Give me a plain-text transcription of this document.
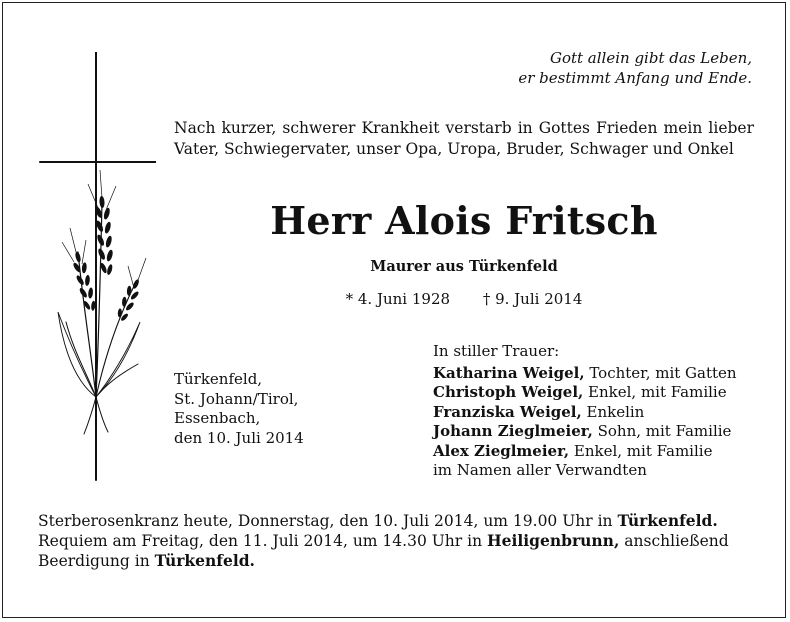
Gott allein gibt das Leben,
er bestimmt Anfang und Ende.
Nach kurzer, schwerer Krankheit verstarb in Gottes Frieden mein lieber Vater, Schwiegervater, unser Opa, Uropa, Bruder, Schwager und Onkel
Herr Alois Fritsch
Maurer aus Türkenfeld
* 4. Juni 1928 † 9. Juli 2014
Türkenfeld,
St. Johann/Tirol,
Essenbach,
den 10. Juli 2014
In stiller Trauer:
Katharina Weigel, Tochter, mit Gatten
Christoph Weigel, Enkel, mit Familie
Franziska Weigel, Enkelin
Johann Zieglmeier, Sohn, mit Familie
Alex Zieglmeier, Enkel, mit Familie
im Namen aller Verwandten
Sterberosenkranz heute, Donnerstag, den 10. Juli 2014, um 19.00 Uhr in Türkenfeld.
Requiem am Freitag, den 11. Juli 2014, um 14.30 Uhr in Heiligenbrunn, anschließend
Beerdigung in Türkenfeld.
